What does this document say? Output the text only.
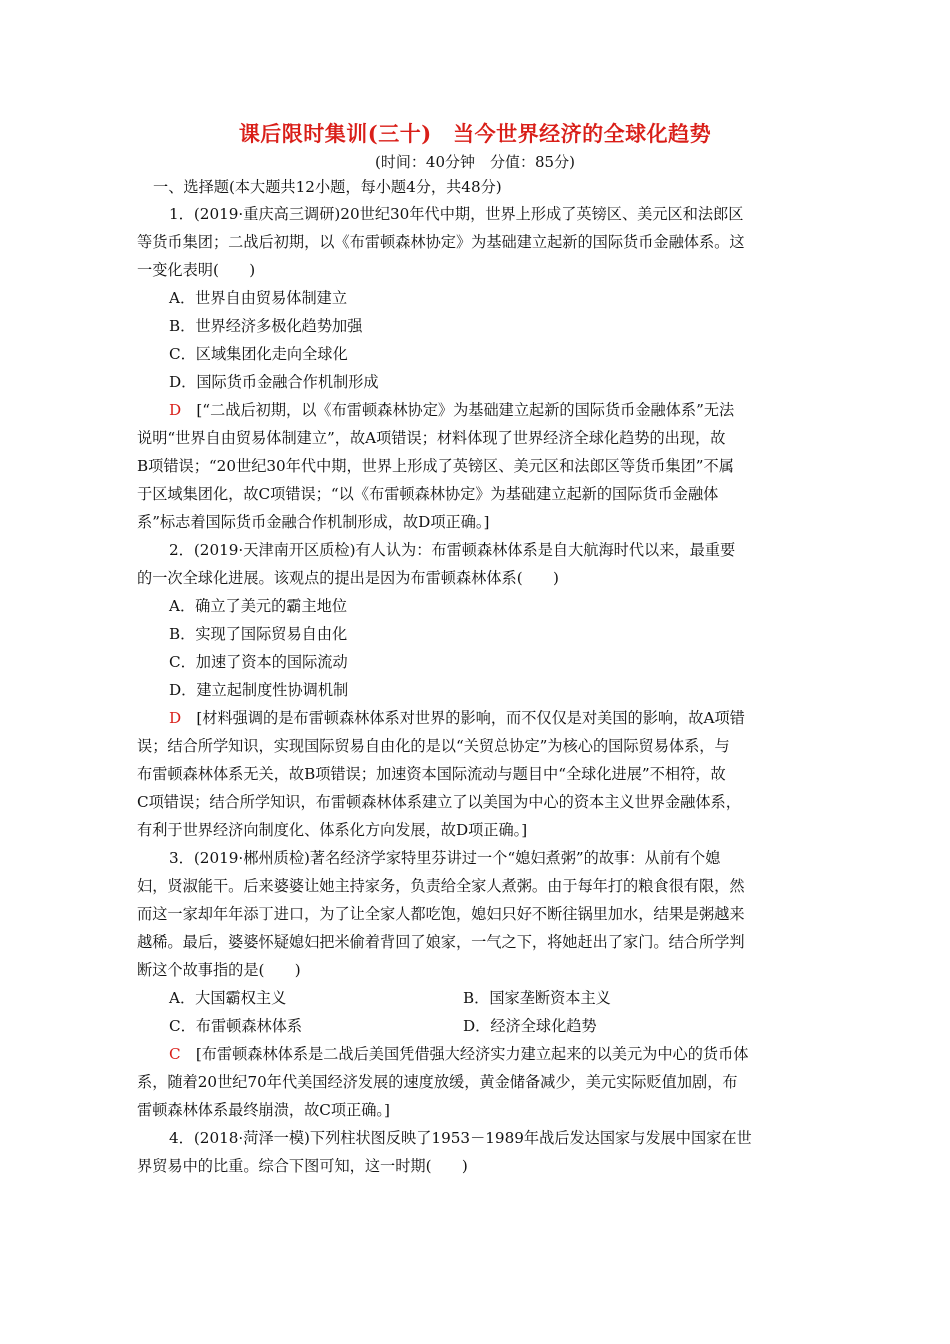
课后限时集训(三十)　当今世界经济的全球化趋势

(时间：40分钟　分值：85分)

一、选择题(本大题共12小题，每小题4分，共48分)

1．(2019·重庆高三调研)20世纪30年代中期，世界上形成了英镑区、美元区和法郎区

等货币集团；二战后初期，以《布雷顿森林协定》为基础建立起新的国际货币金融体系。这

一变化表明(　　)

A．世界自由贸易体制建立

B．世界经济多极化趋势加强

C．区域集团化走向全球化

D．国际货币金融合作机制形成

D　[“二战后初期，以《布雷顿森林协定》为基础建立起新的国际货币金融体系”无法

说明“世界自由贸易体制建立”，故A项错误；材料体现了世界经济全球化趋势的出现，故

B项错误；“20世纪30年代中期，世界上形成了英镑区、美元区和法郎区等货币集团”不属

于区域集团化，故C项错误；“以《布雷顿森林协定》为基础建立起新的国际货币金融体

系”标志着国际货币金融合作机制形成，故D项正确。]

2．(2019·天津南开区质检)有人认为：布雷顿森林体系是自大航海时代以来，最重要

的一次全球化进展。该观点的提出是因为布雷顿森林体系(　　)

A．确立了美元的霸主地位

B．实现了国际贸易自由化

C．加速了资本的国际流动

D．建立起制度性协调机制

D　[材料强调的是布雷顿森林体系对世界的影响，而不仅仅是对美国的影响，故A项错

误；结合所学知识，实现国际贸易自由化的是以“关贸总协定”为核心的国际贸易体系，与

布雷顿森林体系无关，故B项错误；加速资本国际流动与题目中“全球化进展”不相符，故

C项错误；结合所学知识，布雷顿森林体系建立了以美国为中心的资本主义世界金融体系，

有利于世界经济向制度化、体系化方向发展，故D项正确。]

3．(2019·郴州质检)著名经济学家特里芬讲过一个“媳妇煮粥”的故事：从前有个媳

妇，贤淑能干。后来婆婆让她主持家务，负责给全家人煮粥。由于每年打的粮食很有限，然

而这一家却年年添丁进口，为了让全家人都吃饱，媳妇只好不断往锅里加水，结果是粥越来

越稀。最后，婆婆怀疑媳妇把米偷着背回了娘家，一气之下，将她赶出了家门。结合所学判

断这个故事指的是(　　)

A．大国霸权主义	B．国家垄断资本主义
C．布雷顿森林体系	D．经济全球化趋势

C　[布雷顿森林体系是二战后美国凭借强大经济实力建立起来的以美元为中心的货币体

系，随着20世纪70年代美国经济发展的速度放缓，黄金储备减少，美元实际贬值加剧，布

雷顿森林体系最终崩溃，故C项正确。]

4．(2018·菏泽一模)下列柱状图反映了1953－1989年战后发达国家与发展中国家在世

界贸易中的比重。综合下图可知，这一时期(　　)
